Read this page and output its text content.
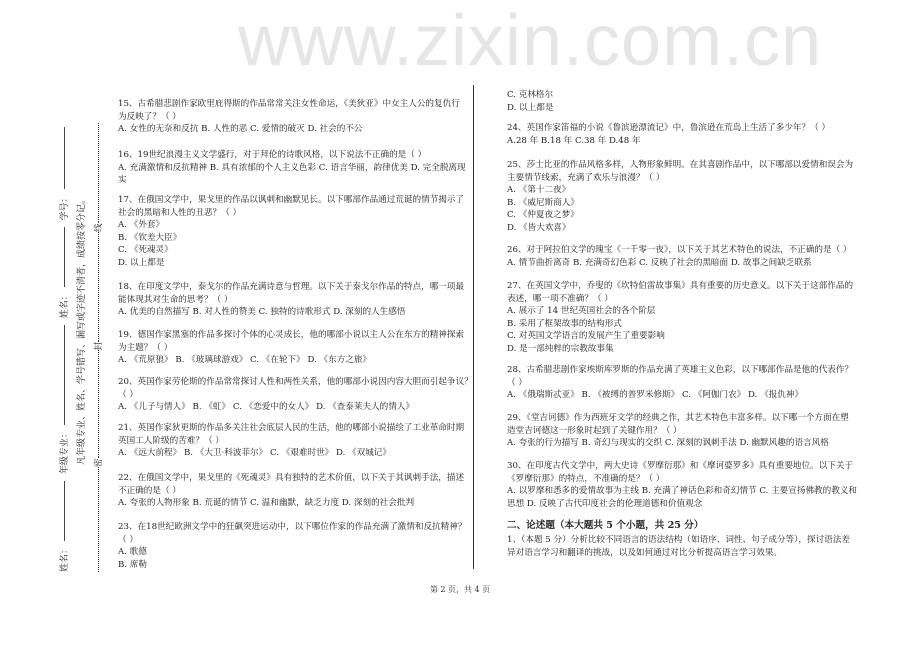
www.zixin.com.cn
姓名： 年级专业： 姓名： 学号： 凡年级专业、姓名、学号错写、漏写或字迹不清者，成绩按零分记。 密封线
15、古希腊悲剧作家欧里庇得斯的作品常常关注女性命运，《美狄亚》中女主人公的复仇行
为反映了？（ ）
A. 女性的无奈和反抗 B. 人性的恶 C. 爱情的破灭 D. 社会的不公
16、19世纪浪漫主义文学盛行，对于拜伦的诗歌风格，以下说法不正确的是（ ）
A. 充满激情和反抗精神 B. 具有浓郁的个人主义色彩 C. 语言华丽，韵律优美 D. 完全脱离现
实
17、在俄国文学中，果戈里的作品以讽刺和幽默见长。以下哪部作品通过荒诞的情节揭示了
社会的黑暗和人性的丑恶？（ ）
A. 《外套》
B. 《钦差大臣》
C. 《死魂灵》
D. 以上都是
18、在印度文学中，泰戈尔的作品充满诗意与哲理。以下关于泰戈尔作品的特点，哪一项最
能体现其对生命的思考？（ ）
A. 优美的自然描写 B. 对人性的赞美 C. 独特的诗歌形式 D. 深刻的人生感悟
19、德国作家黑塞的作品多探讨个体的心灵成长，他的哪部小说以主人公在东方的精神探索
为主题？（ ）
A. 《荒原狼》 B. 《玻璃球游戏》 C. 《在轮下》 D. 《东方之旅》
20、英国作家劳伦斯的作品常常探讨人性和两性关系，他的哪部小说因内容大胆而引起争议？
（ ）
A. 《儿子与情人》 B. 《虹》 C. 《恋爱中的女人》 D. 《查泰莱夫人的情人》
21、英国作家狄更斯的作品多关注社会底层人民的生活，他的哪部小说描绘了工业革命时期
英国工人阶级的苦难？（ ）
A. 《远大前程》 B. 《大卫·科波菲尔》 C. 《艰难时世》 D. 《双城记》
22、在俄国文学中，果戈里的《死魂灵》具有独特的艺术价值，以下关于其讽刺手法，描述
不正确的是（ ）
A. 夸张的人物形象 B. 荒诞的情节 C. 温和幽默，缺乏力度 D. 深刻的社会批判
23、在18世纪欧洲文学中的狂飙突进运动中，以下哪位作家的作品充满了激情和反抗精神？
（ ）
A. 歌德
B. 席勒
C. 克林格尔
D. 以上都是
24、英国作家笛福的小说《鲁滨逊漂流记》中，鲁滨逊在荒岛上生活了多少年？（ ）
A.28 年 B.18 年 C.38 年 D.48 年
25、莎士比亚的作品风格多样，人物形象鲜明。在其喜剧作品中，以下哪部以爱情和误会为
主要情节线索，充满了欢乐与浪漫？（ ）
A. 《第十二夜》
B. 《威尼斯商人》
C. 《仲夏夜之梦》
D. 《皆大欢喜》
26、对于阿拉伯文学的瑰宝《一千零一夜》，以下关于其艺术特色的说法，不正确的是（ ）
A. 情节曲折离奇 B. 充满奇幻色彩 C. 反映了社会的黑暗面 D. 故事之间缺乏联系
27、在英国文学中，乔叟的《坎特伯雷故事集》具有重要的历史意义。以下关于这部作品的
表述，哪一项不准确？（ ）
A. 展示了 14 世纪英国社会的各个阶层
B. 采用了框架故事的结构形式
C. 对英国文学语言的发展产生了重要影响
D. 是一部纯粹的宗教故事集
28、古希腊悲剧作家埃斯库罗斯的作品充满了英雄主义色彩，以下哪部作品是他的代表作？
（ ）
A. 《俄瑞斯忒亚》 B. 《被缚的普罗米修斯》 C. 《阿伽门农》 D. 《报仇神》
29、《堂吉诃德》作为西班牙文学的经典之作，其艺术特色丰富多样。以下哪一个方面在塑
造堂吉诃德这一形象时起到了关键作用？（ ）
A. 夸张的行为描写 B. 奇幻与现实的交织 C. 深刻的讽刺手法 D. 幽默风趣的语言风格
30、在印度古代文学中，两大史诗《罗摩衍那》和《摩诃婆罗多》具有重要地位。以下关于
《罗摩衍那》的特点，不准确的是？（ ）
A. 以罗摩和悉多的爱情故事为主线 B. 充满了神话色彩和奇幻情节 C. 主要宣扬佛教的教义和
思想 D. 反映了古代印度社会的伦理道德和价值观念
二、论述题（本大题共 5 个小题，共 25 分）
1、（本题 5 分）分析比较不同语言的语法结构（如语序、词性、句子成分等），探讨语法差
异对语言学习和翻译的挑战，以及如何通过对比分析提高语言学习效果。
第 2 页，共 4 页
